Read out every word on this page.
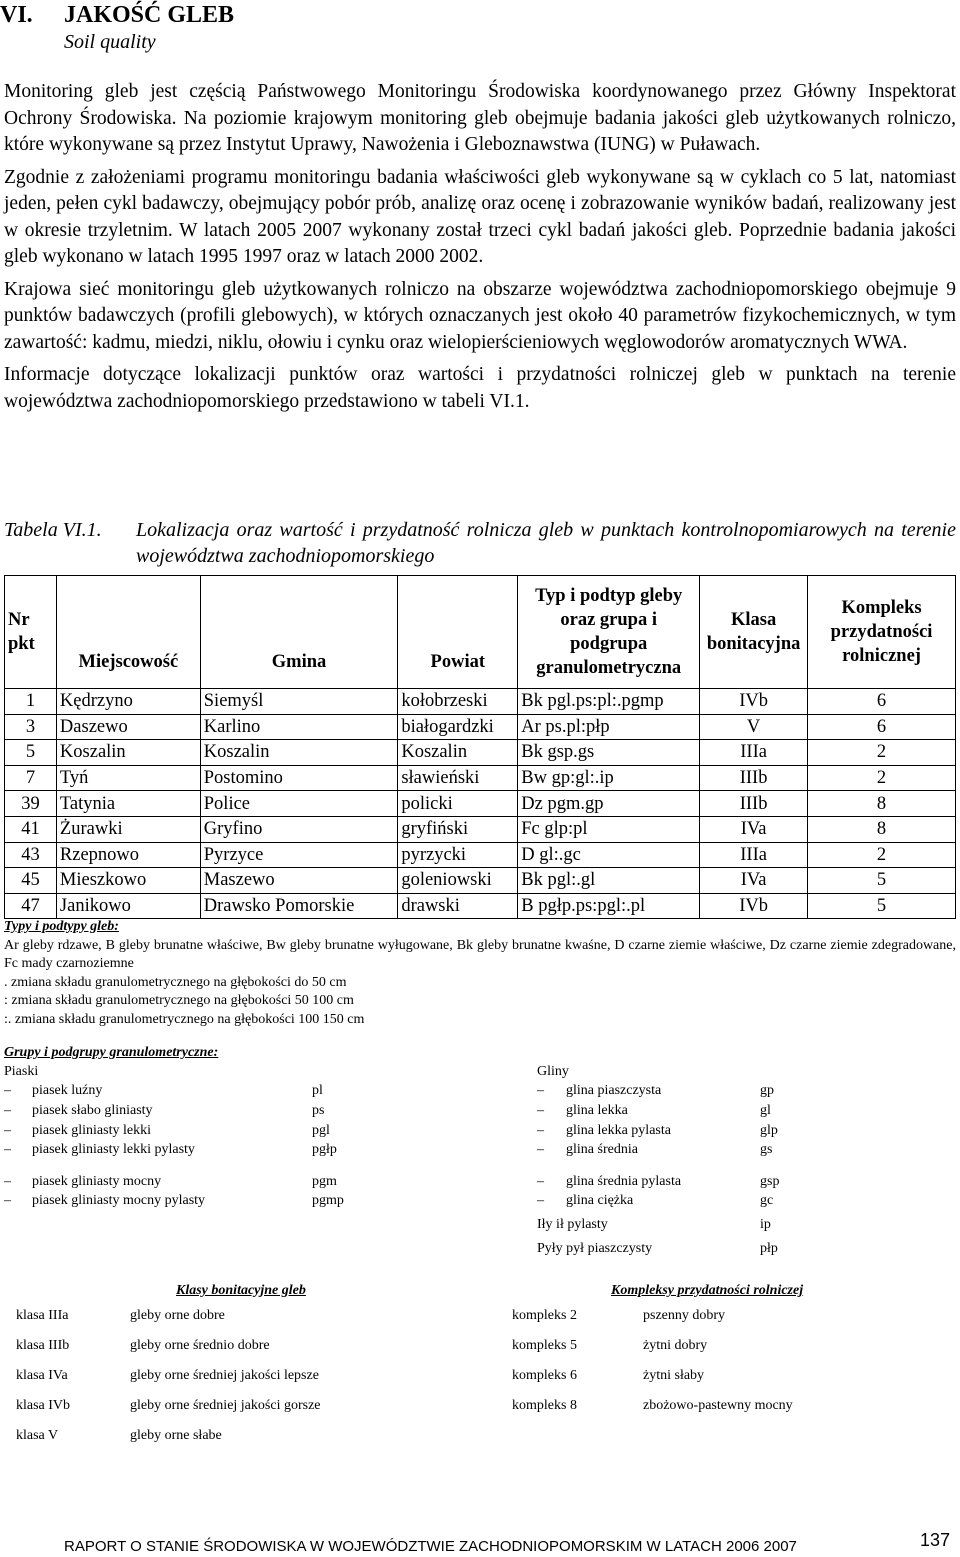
VI. JAKOŚĆ GLEB
Soil quality

Monitoring gleb jest częścią Państwowego Monitoringu Środowiska koordynowanego przez Główny Inspektorat Ochrony Środowiska. Na poziomie krajowym monitoring gleb obejmuje badania jakości gleb użytkowanych rolniczo, które wykonywane są przez Instytut Uprawy, Nawożenia i Gleboznawstwa (IUNG) w Puławach.

Zgodnie z założeniami programu monitoringu badania właściwości gleb wykonywane są w cyklach co 5 lat, natomiast jeden, pełen cykl badawczy, obejmujący pobór prób, analizę oraz ocenę i zobrazowanie wyników badań, realizowany jest w okresie trzyletnim. W latach 2005 2007 wykonany został trzeci cykl badań jakości gleb. Poprzednie badania jakości gleb wykonano w latach 1995 1997 oraz w latach 2000 2002.

Krajowa sieć monitoringu gleb użytkowanych rolniczo na obszarze województwa zachodniopomorskiego obejmuje 9 punktów badawczych (profili glebowych), w których oznaczanych jest około 40 parametrów fizykochemicznych, w tym zawartość: kadmu, miedzi, niklu, ołowiu i cynku oraz wielopierścieniowych węglowodorów aromatycznych WWA.

Informacje dotyczące lokalizacji punktów oraz wartości i przydatności rolniczej gleb w punktach na terenie województwa zachodniopomorskiego przedstawiono w tabeli VI.1.

Tabela VI.1.	Lokalizacja oraz wartość i przydatność rolnicza gleb w punktach kontrolnopomiarowych na terenie województwa zachodniopomorskiego
Nr pkt	Miejscowość	Gmina	Powiat	Typ i podtyp gleby oraz grupa i podgrupa granulometryczna	Klasa bonitacyjna	Kompleks przydatności rolnicznej
1	Kędrzyno	Siemyśl	kołobrzeski	Bk pgl.ps:pl:.pgmp	IVb	6
3	Daszewo	Karlino	białogardzki	Ar ps.pl:płp	V	6
5	Koszalin	Koszalin	Koszalin	Bk gsp.gs	IIIa	2
7	Tyń	Postomino	sławieński	Bw gp:gl:.ip	IIIb	2
39	Tatynia	Police	policki	Dz pgm.gp	IIIb	8
41	Żurawki	Gryfino	gryfiński	Fc glp:pl	IVa	8
43	Rzepnowo	Pyrzyce	pyrzycki	D gl:.gc	IIIa	2
45	Mieszkowo	Maszewo	goleniowski	Bk pgl:.gl	IVa	5
47	Janikowo	Drawsko Pomorskie	drawski	B pgłp.ps:pgl:.pl	IVb	5
Typy i podtypy gleb:

Ar gleby rdzawe, B gleby brunatne właściwe, Bw gleby brunatne wyługowane, Bk gleby brunatne kwaśne, D czarne ziemie właściwe, Dz czarne ziemie zdegradowane, Fc mady czarnoziemne

. zmiana składu granulometrycznego na głębokości do 50 cm

: zmiana składu granulometrycznego na głębokości 50 100 cm

:. zmiana składu granulometrycznego na głębokości 100 150 cm

Grupy i podgrupy granulometryczne:
Piaski	Gliny
– piasek luźny	pl
– piasek słabo gliniasty	ps
– piasek gliniasty lekki	pgl
– piasek gliniasty lekki pylasty	pgłp
– piasek gliniasty mocny	pgm
– piasek gliniasty mocny pylasty	pgmp
– glina piaszczysta	gp
– glina lekka	gl
– glina lekka pylasta	glp
– glina średnia	gs
– glina średnia pylasta	gsp
– glina ciężka	gc
Iły ił pylasty	ip
Pyły pył piaszczysty	płp
Klasy bonitacyjne gleb	Kompleksy przydatności rolniczej
klasa IIIa	gleby orne dobre
klasa IIIb	gleby orne średnio dobre
klasa IVa	gleby orne średniej jakości lepsze
klasa IVb	gleby orne średniej jakości gorsze
klasa V	gleby orne słabe
kompleks 2	pszenny dobry
kompleks 5	żytni dobry
kompleks 6	żytni słaby
kompleks 8	zbożowo-pastewny mocny
RAPORT O STANIE ŚRODOWISKA W WOJEWÓDZTWIE ZACHODNIOPOMORSKIM W LATACH 2006 2007	137
